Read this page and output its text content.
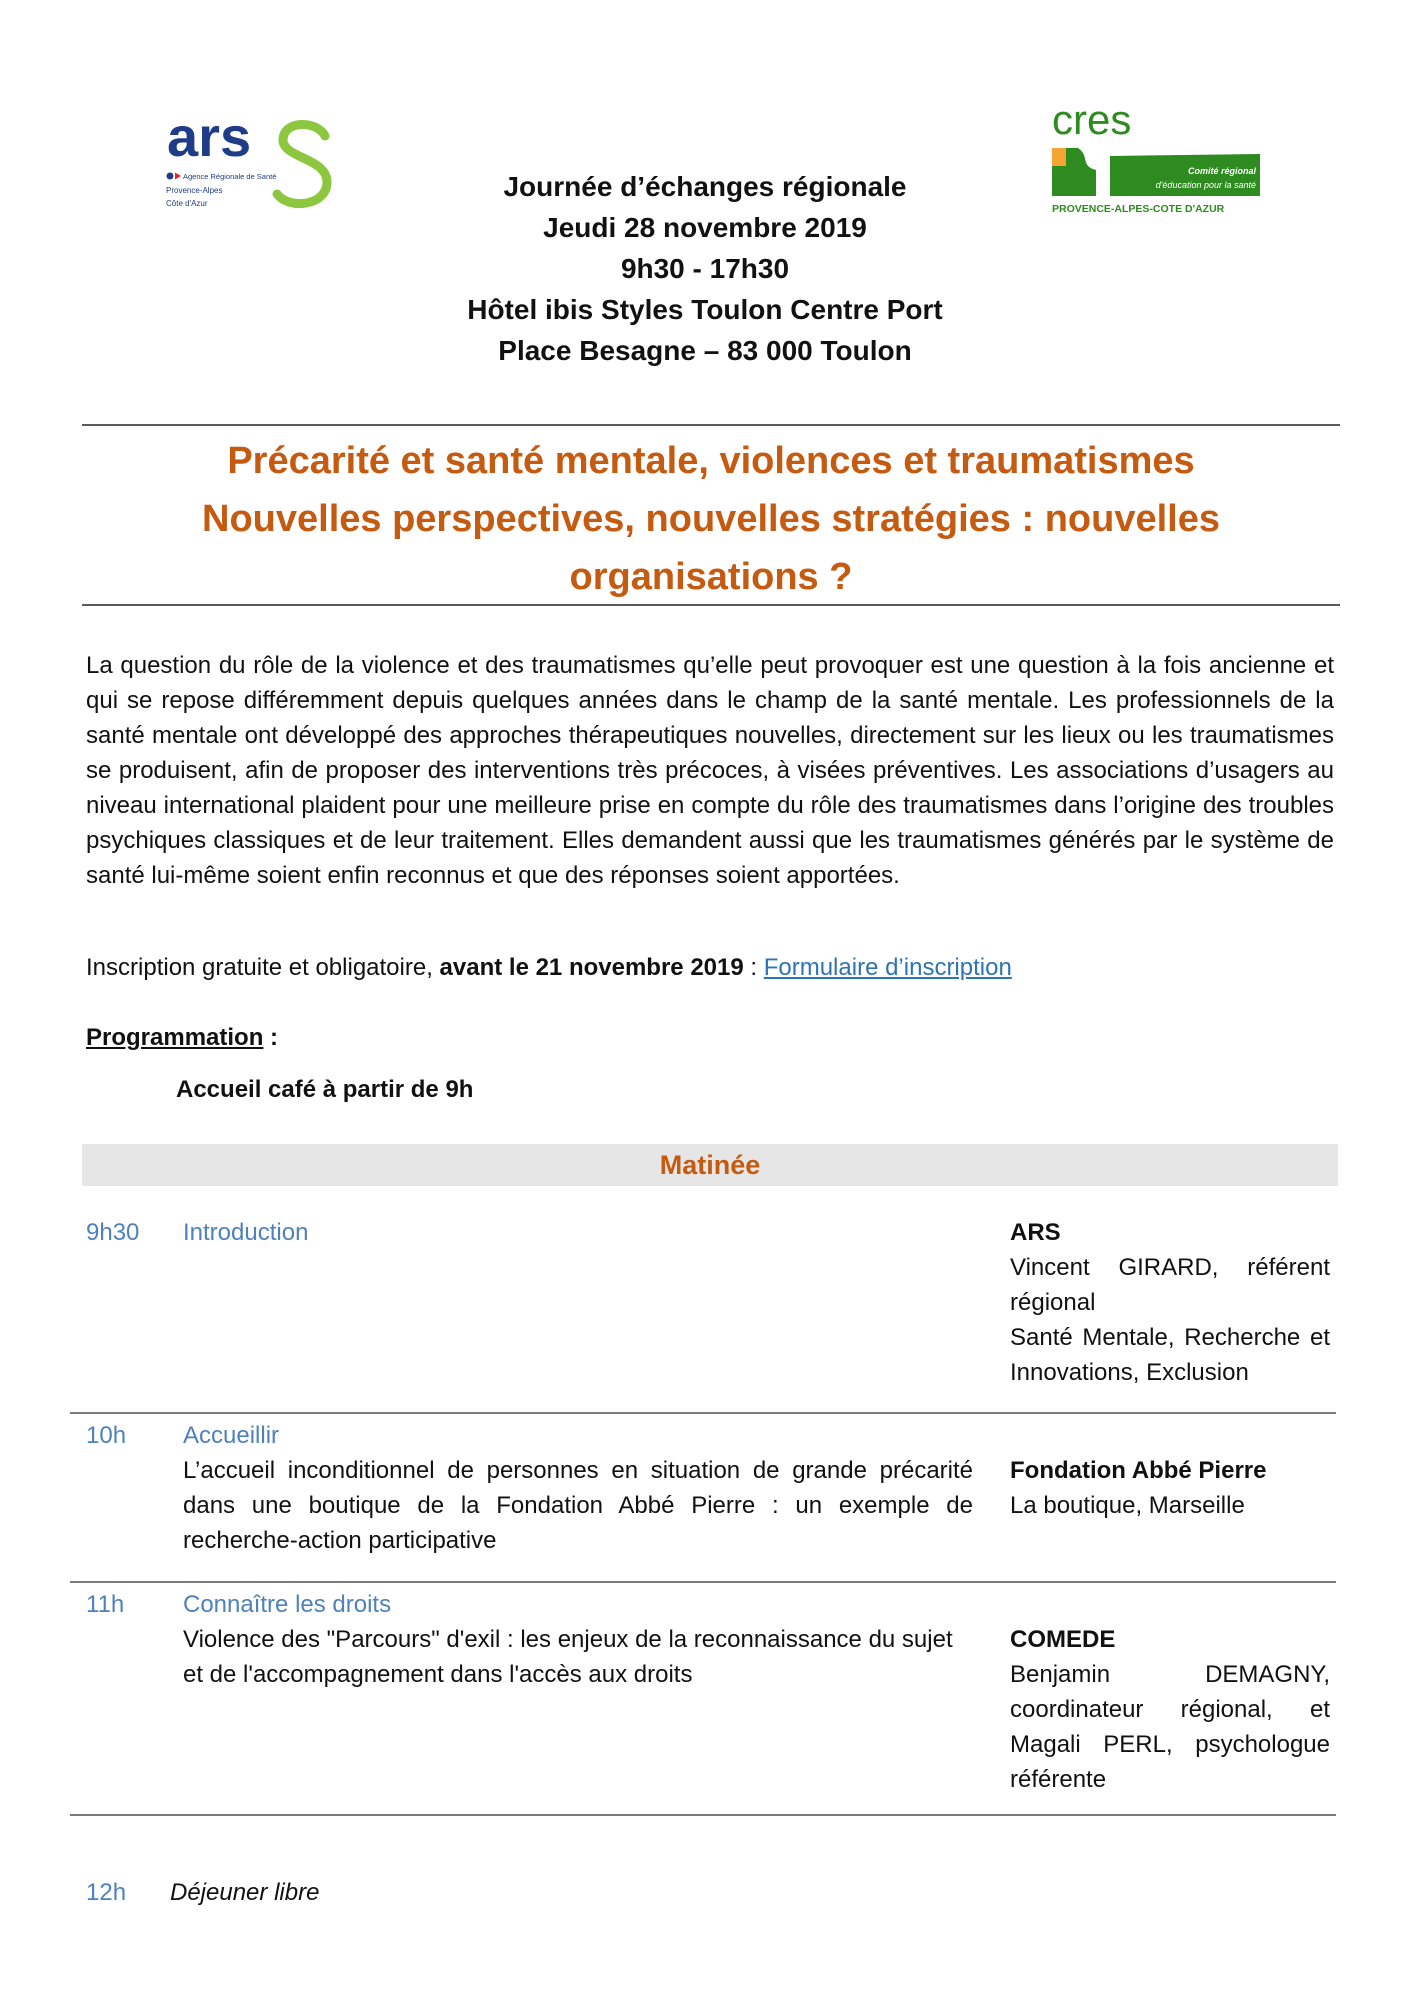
ars
Agence Régionale de Santé
Provence-Alpes
Côte d'Azur
cres
Comité régional
d'éducation pour la santé
PROVENCE-ALPES-COTE D'AZUR
Journée d’échanges régionale
Jeudi 28 novembre 2019
9h30 - 17h30
Hôtel ibis Styles Toulon Centre Port
Place Besagne – 83 000 Toulon
Précarité et santé mentale, violences et traumatismes
Nouvelles perspectives, nouvelles stratégies : nouvelles
organisations ?
La question du rôle de la violence et des traumatismes qu’elle peut provoquer est une question à la fois ancienne et qui se repose différemment depuis quelques années dans le champ de la santé mentale. Les professionnels de la santé mentale ont développé des approches thérapeutiques nouvelles, directement sur les lieux ou les traumatismes se produisent, afin de proposer des interventions très précoces, à visées préventives. Les associations d’usagers au niveau international plaident pour une meilleure prise en compte du rôle des traumatismes dans l’origine des troubles psychiques classiques et de leur traitement. Elles demandent aussi que les traumatismes générés par le système de santé lui-même soient enfin reconnus et que des réponses soient apportées.
Inscription gratuite et obligatoire, avant le 21 novembre 2019 : Formulaire d’inscription
Programmation :
Accueil café à partir de 9h
Matinée
9h30 Introduction	ARS
Vincent GIRARD, référent régional
Santé Mentale, Recherche et Innovations, Exclusion
10h Accueillir
L’accueil inconditionnel de personnes en situation de grande précarité dans une boutique de la Fondation Abbé Pierre : un exemple de recherche-action participative
Fondation Abbé Pierre
La boutique, Marseille
11h Connaître les droits
Violence des "Parcours" d'exil : les enjeux de la reconnaissance du sujet et de l'accompagnement dans l'accès aux droits
COMEDE
Benjamin DEMAGNY, coordinateur régional, et Magali PERL, psychologue référente
12h Déjeuner libre
